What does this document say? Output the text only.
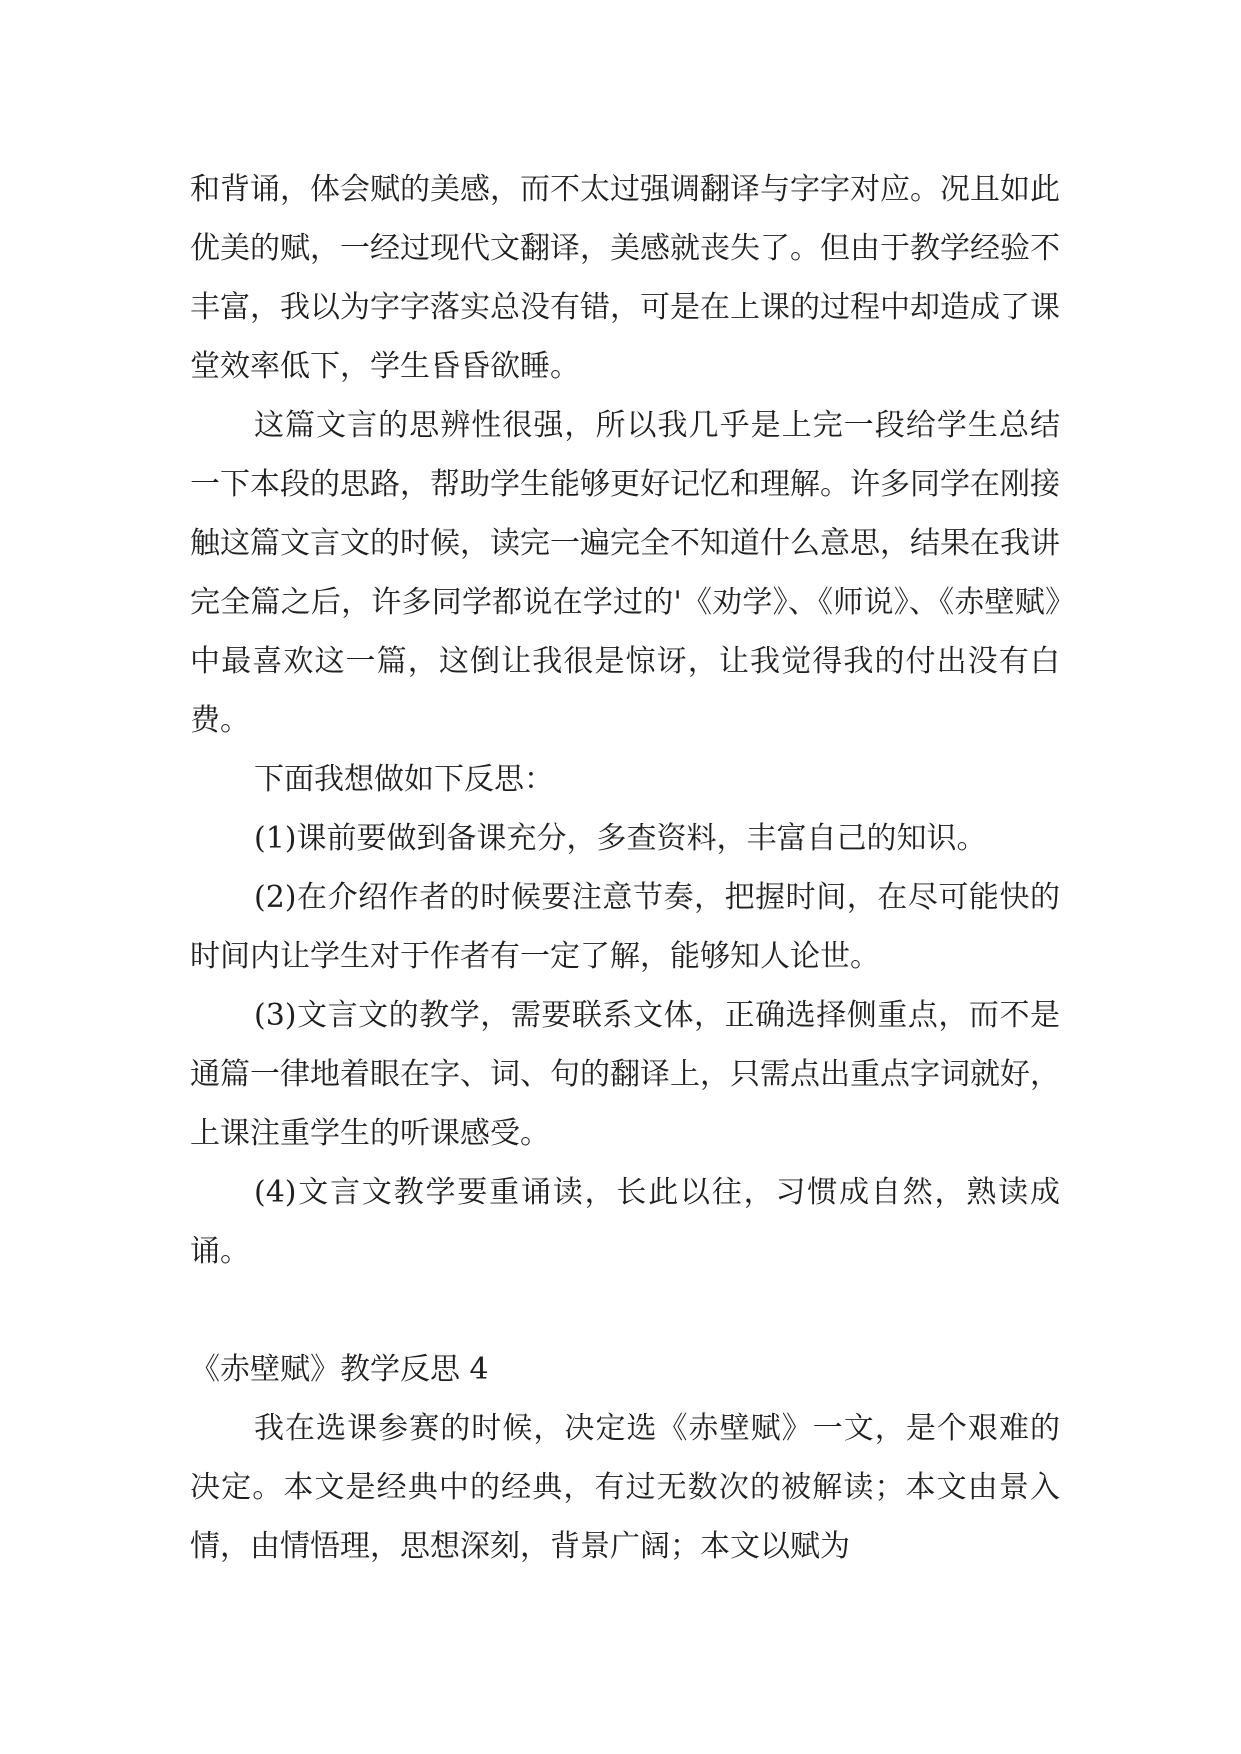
和背诵，体会赋的美感，而不太过强调翻译与字字对应。况且如此优美的赋，一经过现代文翻译，美感就丧失了。但由于教学经验不丰富，我以为字字落实总没有错，可是在上课的过程中却造成了课堂效率低下，学生昏昏欲睡。

这篇文言的思辨性很强，所以我几乎是上完一段给学生总结一下本段的思路，帮助学生能够更好记忆和理解。许多同学在刚接触这篇文言文的时候，读完一遍完全不知道什么意思，结果在我讲完全篇之后，许多同学都说在学过的'《劝学》、《师说》、《赤壁赋》中最喜欢这一篇，这倒让我很是惊讶，让我觉得我的付出没有白费。

下面我想做如下反思：

(1)课前要做到备课充分，多查资料，丰富自己的知识。

(2)在介绍作者的时候要注意节奏，把握时间，在尽可能快的时间内让学生对于作者有一定了解，能够知人论世。

(3)文言文的教学，需要联系文体，正确选择侧重点，而不是通篇一律地着眼在字、词、句的翻译上，只需点出重点字词就好，上课注重学生的听课感受。

(4)文言文教学要重诵读，长此以往，习惯成自然，熟读成诵。

《赤壁赋》教学反思 4

我在选课参赛的时候，决定选《赤壁赋》一文，是个艰难的决定。本文是经典中的经典，有过无数次的被解读；本文由景入情，由情悟理，思想深刻，背景广阔；本文以赋为
